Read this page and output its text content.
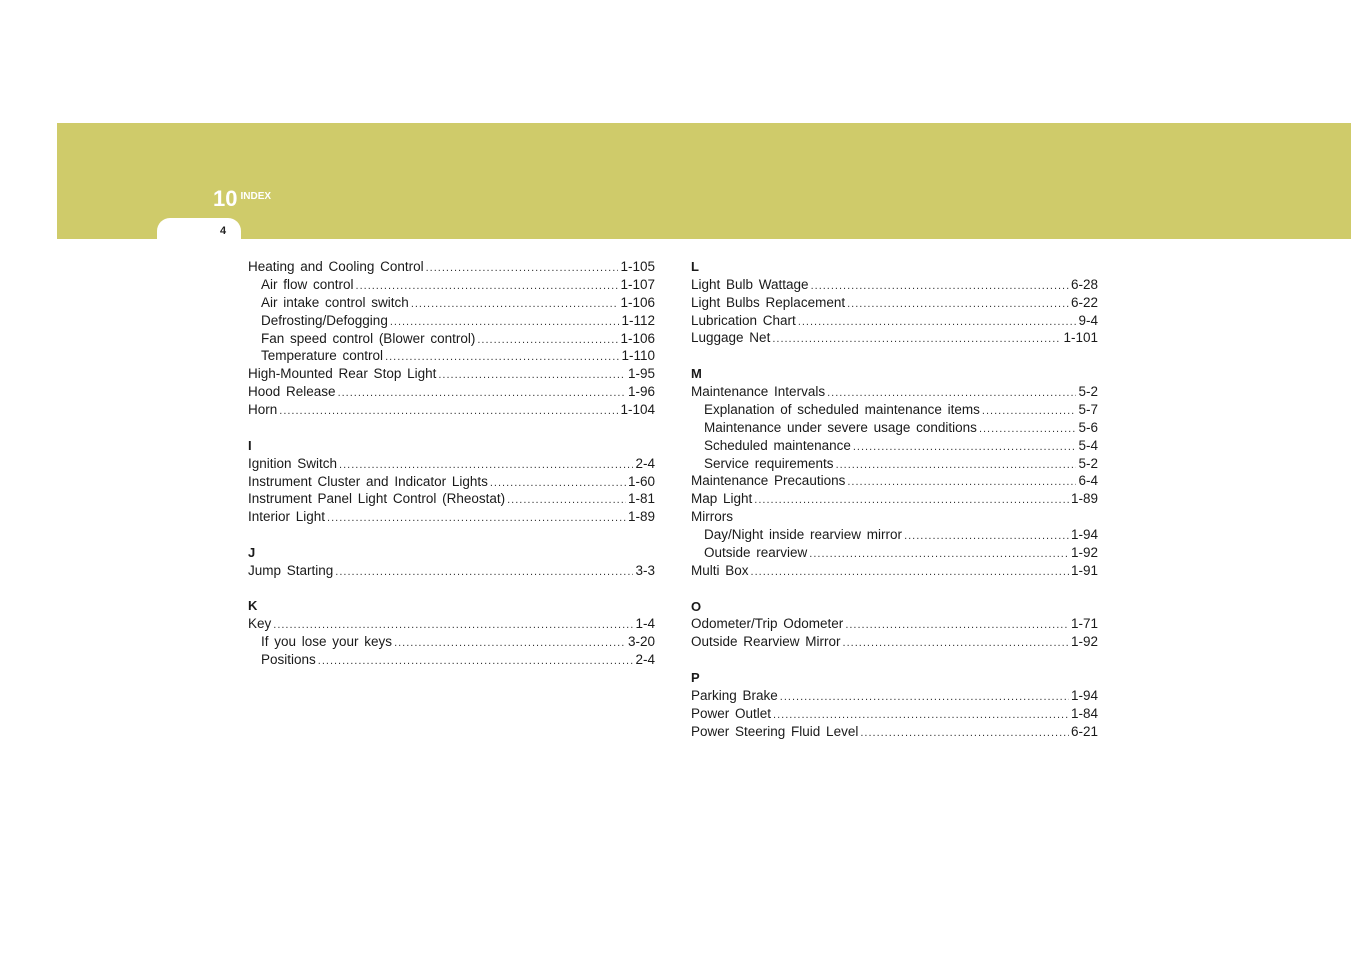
10 INDEX
4
Heating and Cooling Control .....	1-105
Air flow control .....	1-107
Air intake control switch .....	1-106
Defrosting/Defogging .....	1-112
Fan speed control (Blower control) .....	1-106
Temperature control .....	1-110
High-Mounted Rear Stop Light .....	1-95
Hood Release .....	1-96
Horn .....	1-104
I
Ignition Switch .....	2-4
Instrument Cluster and Indicator Lights .....	1-60
Instrument Panel Light Control (Rheostat) .....	1-81
Interior Light .....	1-89
J
Jump Starting .....	3-3
K
Key .....	1-4
If you lose your keys .....	3-20
Positions .....	2-4
L
Light Bulb Wattage .....	6-28
Light Bulbs Replacement .....	6-22
Lubrication Chart .....	9-4
Luggage Net .....	1-101
M
Maintenance Intervals .....	5-2
Explanation of scheduled maintenance items .....	5-7
Maintenance under severe usage conditions .....	5-6
Scheduled maintenance .....	5-4
Service requirements .....	5-2
Maintenance Precautions .....	6-4
Map Light .....	1-89
Mirrors
Day/Night inside rearview mirror .....	1-94
Outside rearview .....	1-92
Multi Box .....	1-91
O
Odometer/Trip Odometer .....	1-71
Outside Rearview Mirror .....	1-92
P
Parking Brake .....	1-94
Power Outlet .....	1-84
Power Steering Fluid Level .....	6-21
